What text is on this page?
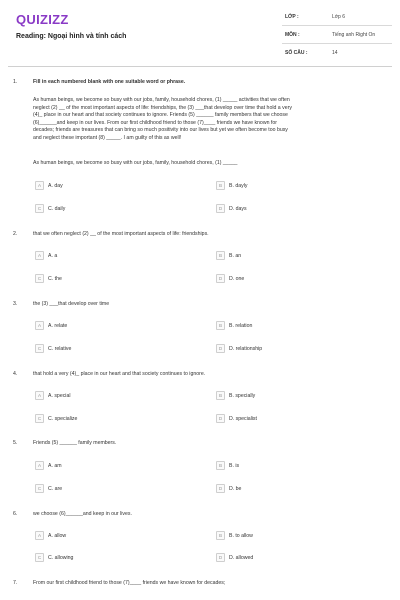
QUIZIZZ
Reading: Ngoại hình và tính cách
LỚP :	Lớp 6
MÔN :	Tiếng anh Right On
SỐ CÂU :	14
1.	Fill in each numbered blank with one suitable word or phrase.
As human beings, we become so busy with our jobs, family, household chores, (1) _____ activities that we often
neglect (2) __ of the most important aspects of life: friendships, the (3) ___that develop over time that hold a very
(4)_ place in our heart and that society continues to ignore. Friends (5) ______ family members that we choose
(6)______and keep in our lives. From our first childhood friend to those (7)____ friends we have known for
decades; friends are treasures that can bring so much positivity into our lives but yet we often become too busy
and neglect these important (8) _____. I am guilty of this as well!
As human beings, we become so busy with our jobs, family, household chores, (1) _____
A	A. day	B	B. dayly
C	C. daily	D	D. days
2.	that we often neglect (2) __ of the most important aspects of life: friendships.
A	A. a	B	B. an
C	C. the	D	D. one
3.	the (3) ___that develop over time
A	A. relate	B	B. relation
C	C. relative	D	D. relationship
4.	that hold a very (4)_ place in our heart and that society continues to ignore.
A	A. special	B	B. specially
C	C. specialize	D	D. specialist
5.	Friends (5) ______ family members.
A	A. am	B	B. is
C	C. are	D	D. be
6.	we choose (6)______and keep in our lives.
A	A. allow	B	B. to allow
C	C. allowing	D	D. allowed
7.	From our first childhood friend to those (7)____ friends we have known for decades;
